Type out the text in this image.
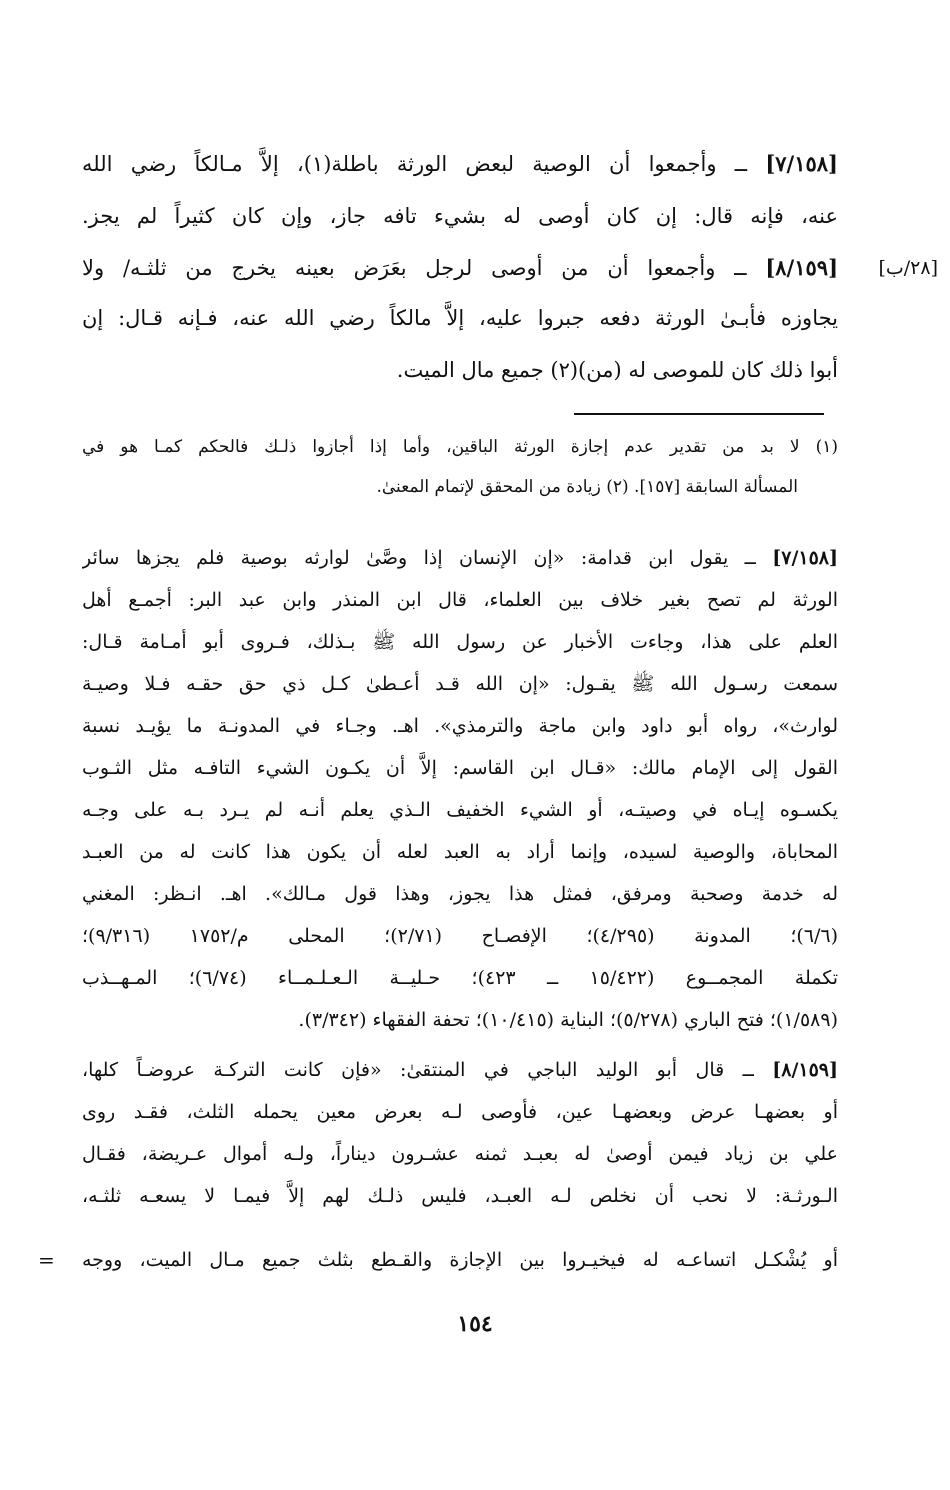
[٧/١٥٨] ــ وأجمعوا أن الوصية لبعض الورثة باطلة(١)، إلاَّ مـالكاً رضي الله
عنه، فإنه قال: إن كان أوصى له بشيء تافه جاز، وإن كان كثيراً لم يجز.
[٨/١٥٩] ــ وأجمعوا أن من أوصى لرجل بعَرَض بعينه يخرج من ثلثـه/ ولا
يجاوزه فأبـىٰ الورثة دفعه جبروا عليه، إلاَّ مالكاً رضي الله عنه، فـإنه قـال: إن
أبوا ذلك كان للموصى له (من)(٢) جميع مال الميت.
[٢٨/ب]
(١) لا بد من تقدير عدم إجازة الورثة الباقين، وأما إذا أجازوا ذلـك فالحكم كمـا هو في
المسألة السابقة [١٥٧]. (٢) زيادة من المحقق لإتمام المعنىٰ.
[٧/١٥٨] ــ يقول ابن قدامة: «إن الإنسان إذا وصَّىٰ لوارثه بوصية فلم يجزها سائر
الورثة لم تصح بغير خلاف بين العلماء، قال ابن المنذر وابن عبد البر: أجمـع أهل
العلم على هذا، وجاءت الأخبار عن رسول الله ﷺ بـذلك، فـروى أبو أمـامة قـال:
سمعت رسـول الله ﷺ يقـول: «إن الله قـد أعـطىٰ كـل ذي حق حقـه فـلا وصيـة
لوارث»، رواه أبو داود وابن ماجة والترمذي». اهـ. وجـاء في المدونـة ما يؤيـد نسبة
القول إلى الإمام مالك: «قـال ابن القاسم: إلاَّ أن يكـون الشيء التافـه مثل الثـوب
يكسـوه إيـاه في وصيتـه، أو الشيء الخفيف الـذي يعلم أنـه لم يـرد بـه على وجـه
المحاباة، والوصية لسيده، وإنما أراد به العبد لعله أن يكون هذا كانت له من العبـد
له خدمة وصحبة ومرفق، فمثل هذا يجوز، وهذا قول مـالك». اهـ. انـظر: المغني
(٦/٦)؛ المدونة (٤/٢٩٥)؛ الإفصـاح (٢/٧١)؛ المحلى م/١٧٥٢ (٩/٣١٦)؛
تكملة المجمــوع (١٥/٤٢٢ ــ ٤٢٣)؛ حـليــة الـعـلـمــاء (٦/٧٤)؛ المـهــذب
(١/٥٨٩)؛ فتح الباري (٥/٢٧٨)؛ البناية (١٠/٤١٥)؛ تحفة الفقهاء (٣/٣٤٢).
[٨/١٥٩] ــ قال أبو الوليد الباجي في المنتقىٰ: «فإن كانت التركـة عروضـاً كلها،
أو بعضهـا عرض وبعضهـا عين، فأوصى لـه بعرض معين يحمله الثلث، فقـد روى
علي بن زياد فيمن أوصىٰ له بعبـد ثمنه عشـرون ديناراً، ولـه أموال عـريضة، فقـال
الـورثـة: لا نحب أن نخلص لـه العبـد، فليس ذلـك لهم إلاَّ فيمـا لا يسعـه ثلثـه،
أو يُشْكـل اتساعـه له فيخيـروا بين الإجازة والقـطع بثلث جميع مـال الميت، ووجه
=
١٥٤
